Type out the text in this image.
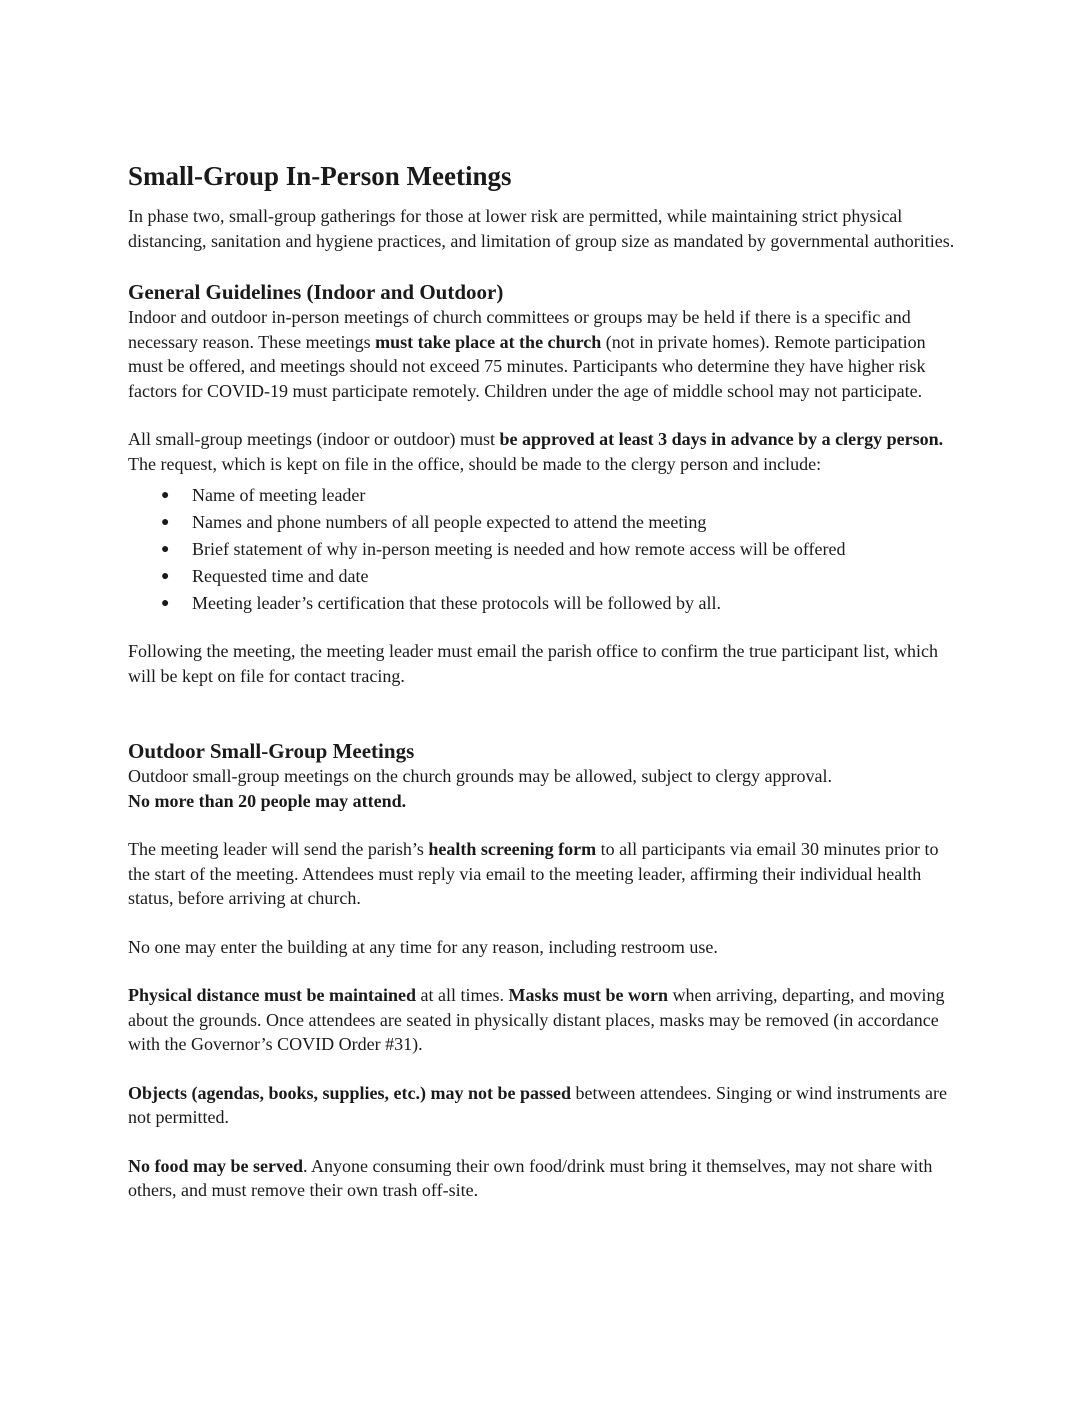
Small-Group In-Person Meetings

In phase two, small-group gatherings for those at lower risk are permitted, while maintaining strict physical distancing, sanitation and hygiene practices, and limitation of group size as mandated by governmental authorities.

General Guidelines (Indoor and Outdoor)

Indoor and outdoor in-person meetings of church committees or groups may be held if there is a specific and necessary reason. These meetings must take place at the church (not in private homes). Remote participation must be offered, and meetings should not exceed 75 minutes. Participants who determine they have higher risk factors for COVID-19 must participate remotely. Children under the age of middle school may not participate.

All small-group meetings (indoor or outdoor) must be approved at least 3 days in advance by a clergy person. The request, which is kept on file in the office, should be made to the clergy person and include:

● Name of meeting leader
● Names and phone numbers of all people expected to attend the meeting
● Brief statement of why in-person meeting is needed and how remote access will be offered
● Requested time and date
● Meeting leader’s certification that these protocols will be followed by all.

Following the meeting, the meeting leader must email the parish office to confirm the true participant list, which will be kept on file for contact tracing.

Outdoor Small-Group Meetings

Outdoor small-group meetings on the church grounds may be allowed, subject to clergy approval.
No more than 20 people may attend.

The meeting leader will send the parish’s health screening form to all participants via email 30 minutes prior to the start of the meeting. Attendees must reply via email to the meeting leader, affirming their individual health status, before arriving at church.

No one may enter the building at any time for any reason, including restroom use.

Physical distance must be maintained at all times. Masks must be worn when arriving, departing, and moving about the grounds. Once attendees are seated in physically distant places, masks may be removed (in accordance with the Governor’s COVID Order #31).

Objects (agendas, books, supplies, etc.) may not be passed between attendees. Singing or wind instruments are not permitted.

No food may be served. Anyone consuming their own food/drink must bring it themselves, may not share with others, and must remove their own trash off-site.
